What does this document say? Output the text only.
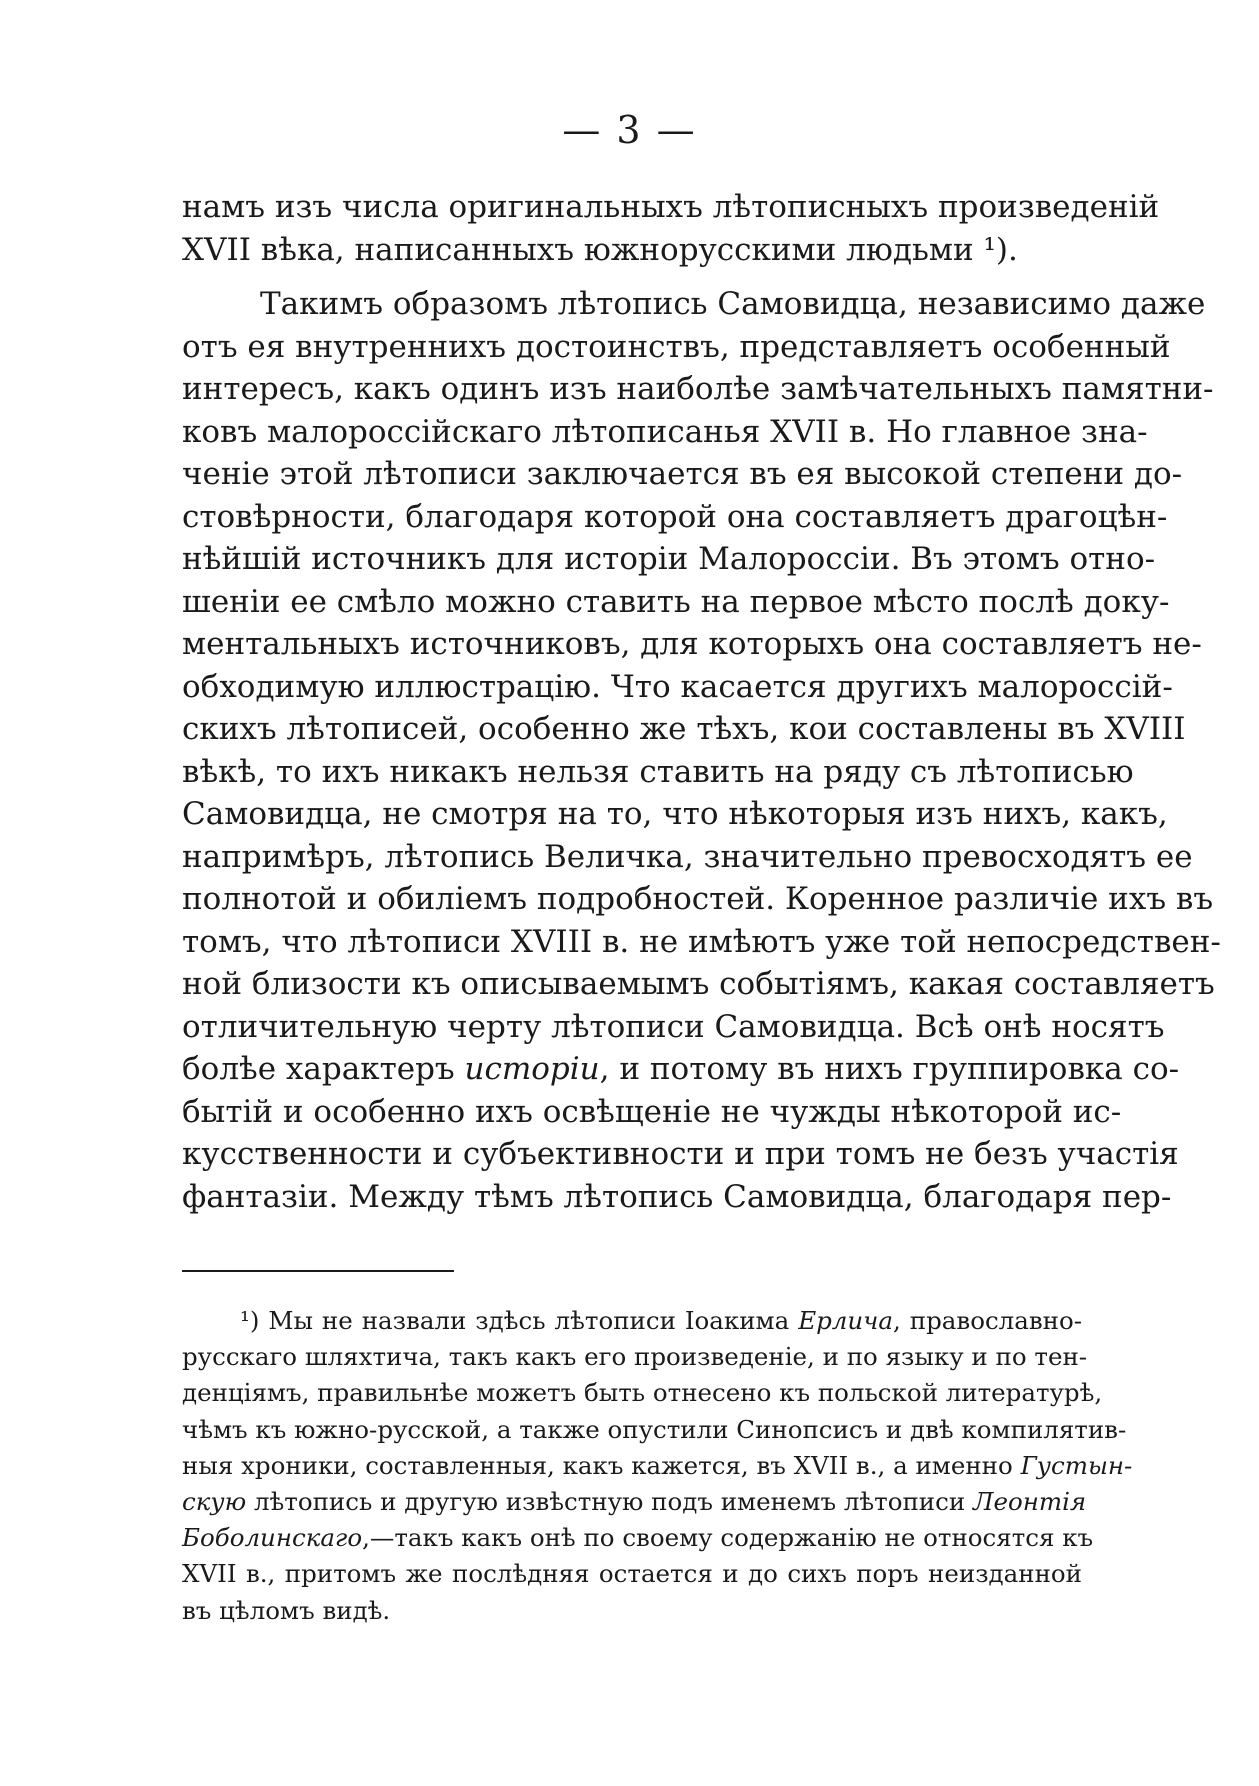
— 3 —

намъ изъ числа оригинальныхъ лѣтописныхъ произведенiй
XVII вѣка, написанныхъ южнорусскими людьми ¹).
Такимъ образомъ лѣтопись Самовидца, независимо даже
отъ ея внутреннихъ достоинствъ, представляетъ особенный
интересъ, какъ одинъ изъ наиболѣе замѣчательныхъ памятни-
ковъ малороссiйскаго лѣтописанья XVII в. Но главное зна-
ченiе этой лѣтописи заключается въ ея высокой степени до-
стовѣрности, благодаря которой она составляетъ драгоцѣн-
нѣйшiй источникъ для исторiи Малороссiи. Въ этомъ отно-
шенiи ее смѣло можно ставить на первое мѣсто послѣ доку-
ментальныхъ источниковъ, для которыхъ она составляетъ не-
обходимую иллюстрацiю. Что касается другихъ малороссiй-
скихъ лѣтописей, особенно же тѣхъ, кои составлены въ XVIII
вѣкѣ, то ихъ никакъ нельзя ставить на ряду съ лѣтописью
Самовидца, не смотря на то, что нѣкоторыя изъ нихъ, какъ,
напримѣръ, лѣтопись Величка, значительно превосходятъ ее
полнотой и обилiемъ подробностей. Коренное различiе ихъ въ
томъ, что лѣтописи XVIII в. не имѣютъ уже той непосредствен-
ной близости къ описываемымъ событiямъ, какая составляетъ
отличительную черту лѣтописи Самовидца. Всѣ онѣ носятъ
болѣе характеръ исторiи, и потому въ нихъ группировка со-
бытiй и особенно ихъ освѣщенiе не чужды нѣкоторой ис-
кусственности и субъективности и при томъ не безъ участiя
фантазiи. Между тѣмъ лѣтопись Самовидца, благодаря пер-
¹) Мы не назвали здѣсь лѣтописи Iоакима Ерлича, православно-
русскаго шляхтича, такъ какъ его произведенiе, и по языку и по тен-
денцiямъ, правильнѣе можетъ быть отнесено къ польской литературѣ,
чѣмъ къ южно-русской, а также опустили Синопсисъ и двѣ компилятив-
ныя хроники, составленныя, какъ кажется, въ XVII в., а именно Густын-
скую лѣтопись и другую извѣстную подъ именемъ лѣтописи Леонтiя
Боболинскаго,—такъ какъ онѣ по своему содержанiю не относятся къ
XVII в., притомъ же послѣдняя остается и до сихъ поръ неизданной
въ цѣломъ видѣ.
